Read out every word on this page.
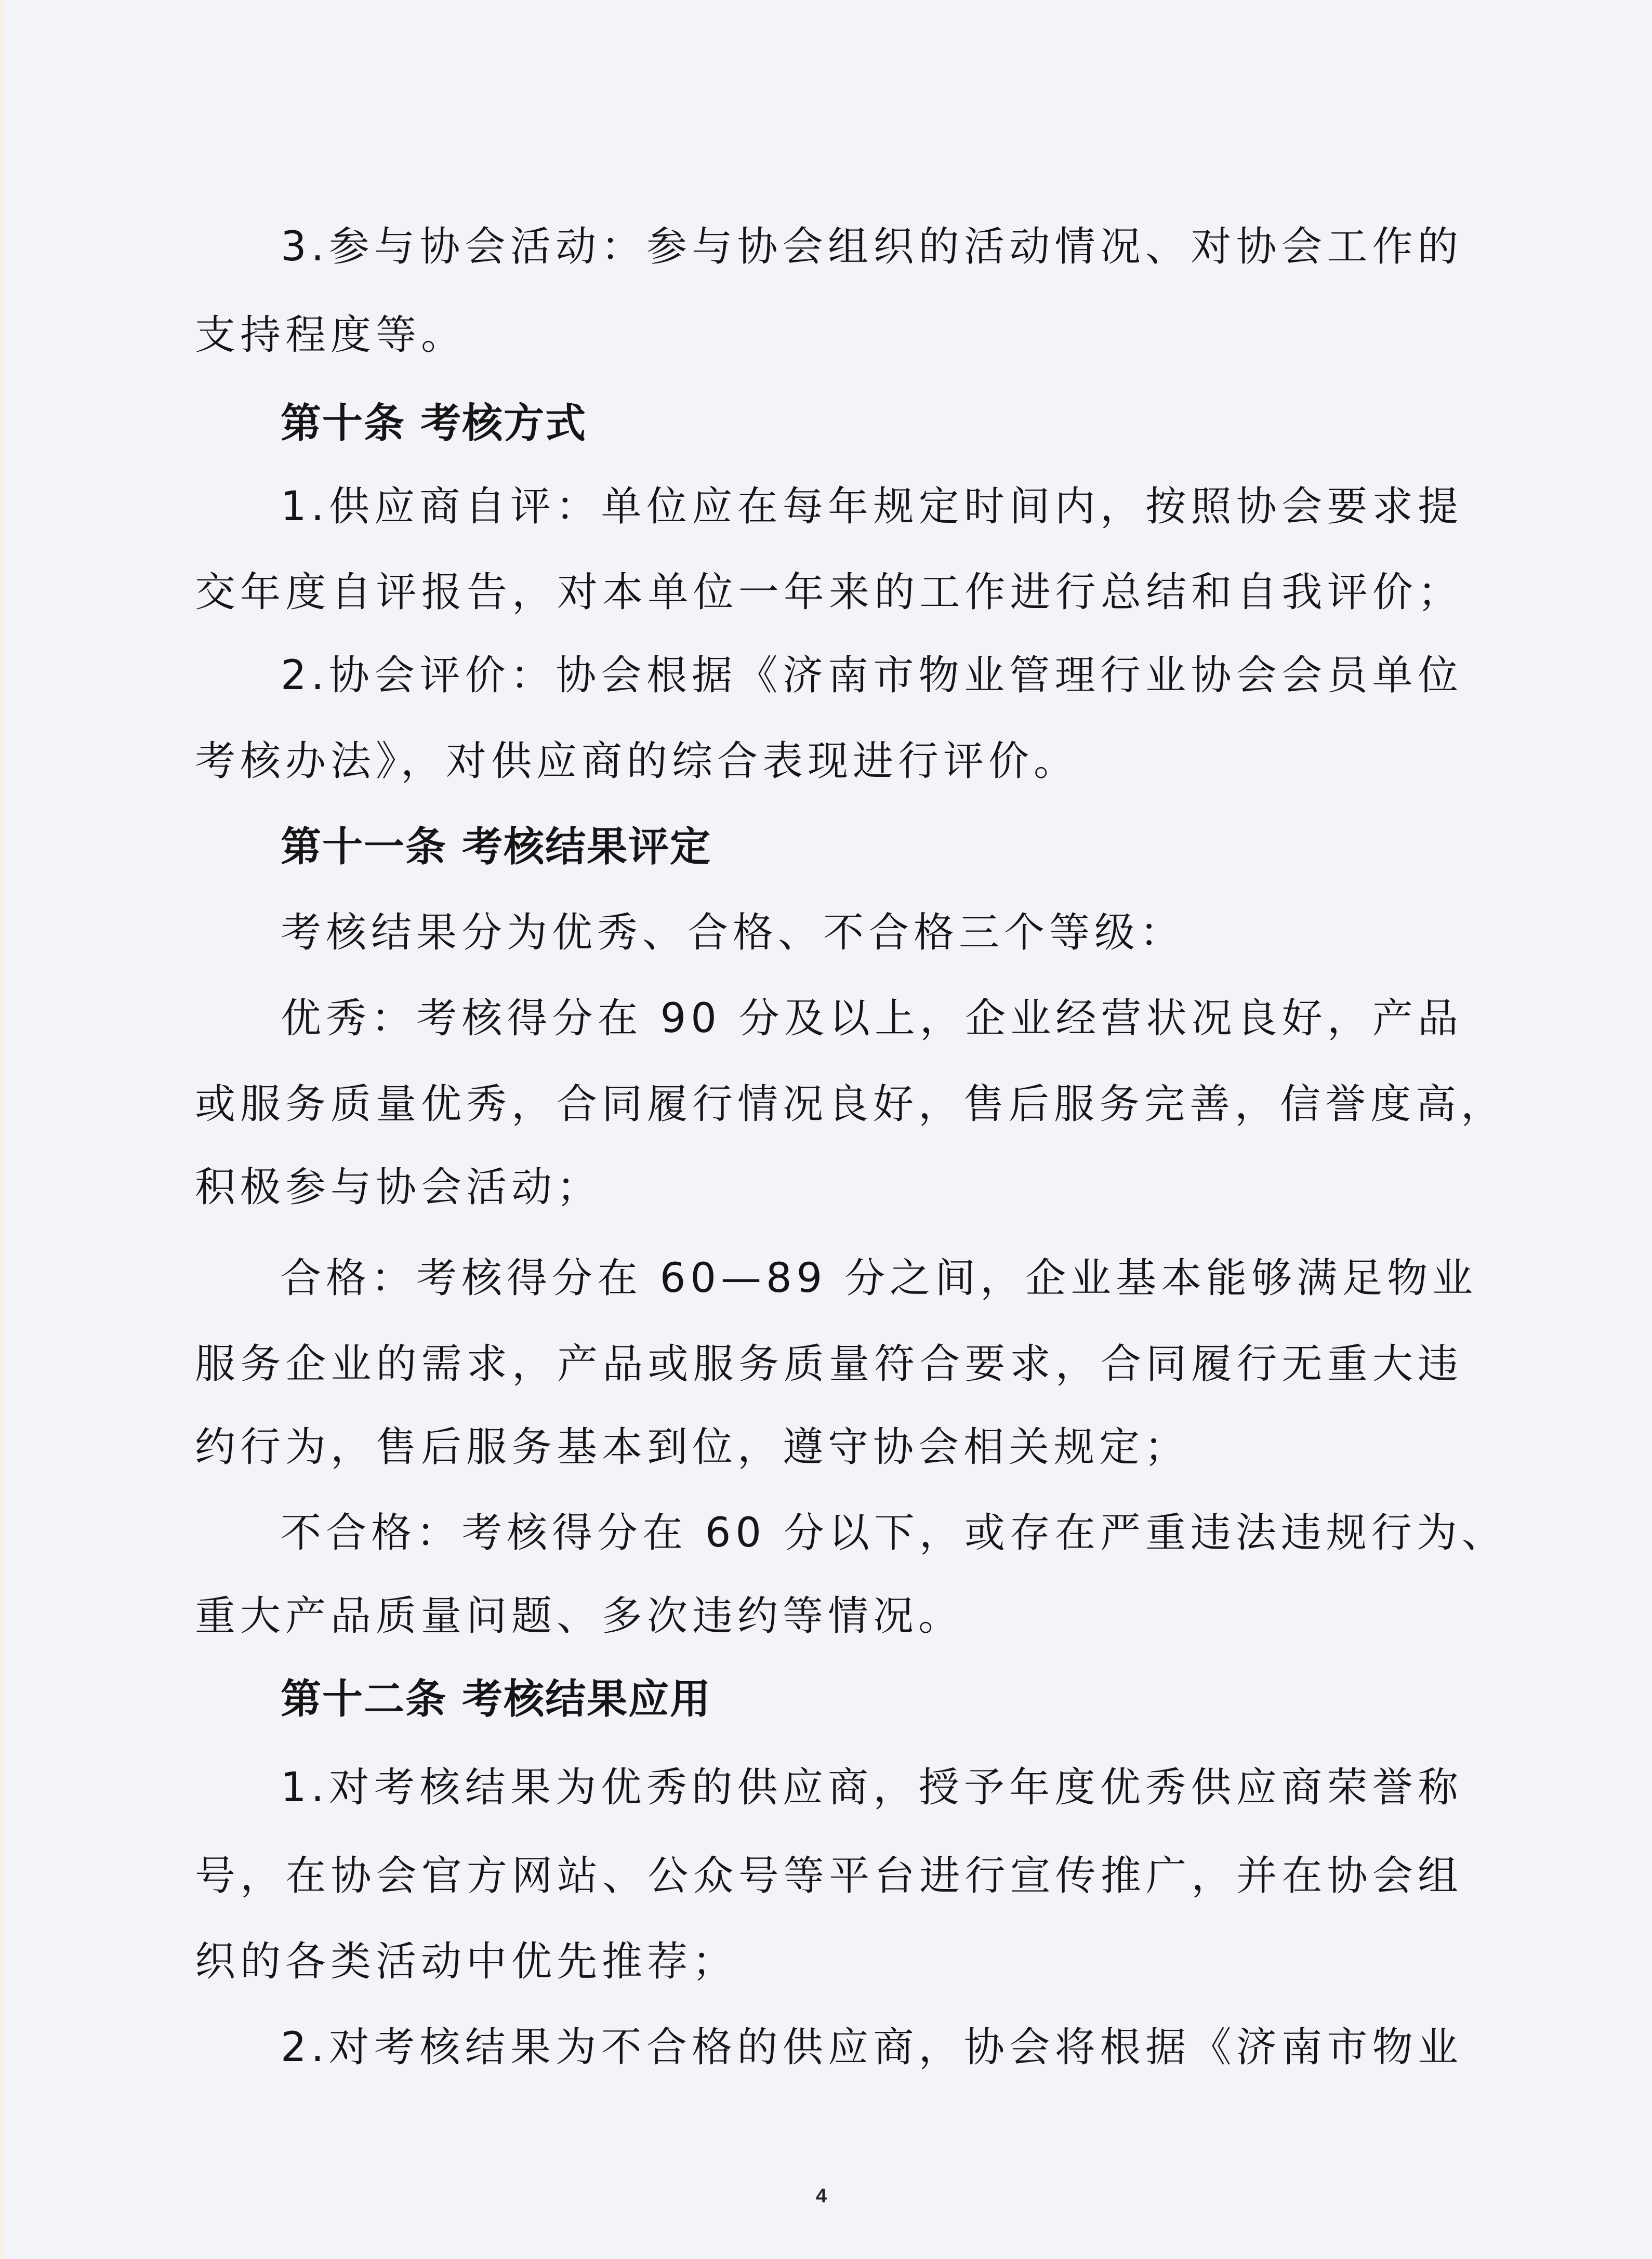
3.参与协会活动：参与协会组织的活动情况、对协会工作的
支持程度等。
第十条 考核方式
1.供应商自评：单位应在每年规定时间内，按照协会要求提
交年度自评报告，对本单位一年来的工作进行总结和自我评价；
2.协会评价：协会根据《济南市物业管理行业协会会员单位
考核办法》，对供应商的综合表现进行评价。
第十一条 考核结果评定
考核结果分为优秀、合格、不合格三个等级：
优秀：考核得分在 90 分及以上，企业经营状况良好，产品
或服务质量优秀，合同履行情况良好，售后服务完善，信誉度高，
积极参与协会活动；
合格：考核得分在 60—89 分之间，企业基本能够满足物业
服务企业的需求，产品或服务质量符合要求，合同履行无重大违
约行为，售后服务基本到位，遵守协会相关规定；
不合格：考核得分在 60 分以下，或存在严重违法违规行为、
重大产品质量问题、多次违约等情况。
第十二条 考核结果应用
1.对考核结果为优秀的供应商，授予年度优秀供应商荣誉称
号，在协会官方网站、公众号等平台进行宣传推广，并在协会组
织的各类活动中优先推荐；
2.对考核结果为不合格的供应商，协会将根据《济南市物业
4
